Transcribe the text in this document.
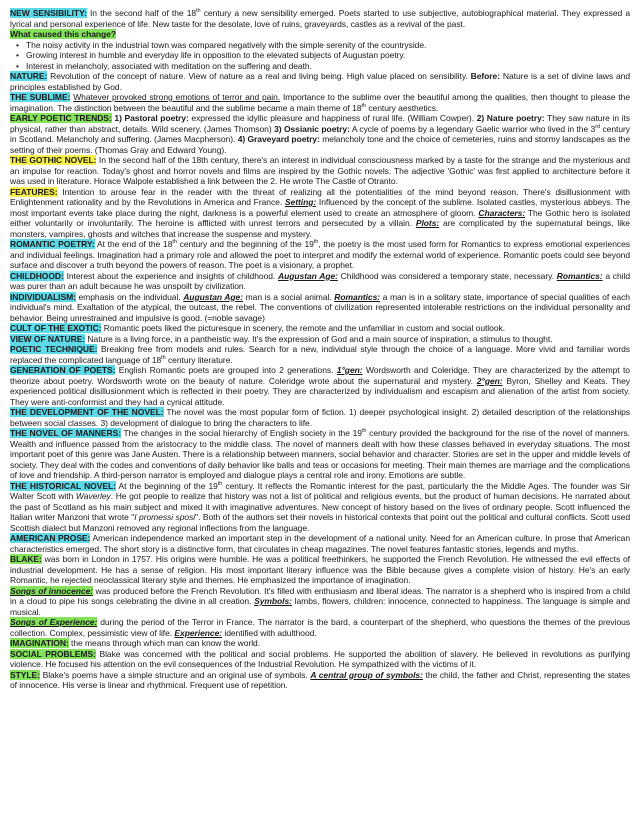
NEW SENSIBILITY: In the second half of the 18th century a new sensibility emerged. Poets started to use subjective, autobiographical material. They expressed a lyrical and personal experience of life. New taste for the desolate, love of ruins, graveyards, castles as a revival of the past.

What caused this change?

• The noisy activity in the industrial town was compared negatively with the simple serenity of the countryside.
• Growing interest in humble and everyday life in opposition to the elevated subjects of Augustan poetry.
• Interest in melancholy, associated with meditation on the suffering and death.

NATURE: Revolution of the concept of nature. View of nature as a real and living being. High value placed on sensibility. Before: Nature is a set of divine laws and principles established by God.

THE SUBLIME: Whatever provoked strong emotions of terror and pain. Importance to the sublime over the beautiful among the qualities, then thought to please the imagination. The distinction between the beautiful and the sublime became a main theme of 18th century aesthetics.

EARLY POETIC TRENDS: 1) Pastoral poetry: expressed the idyllic pleasure and happiness of rural life. (William Cowper). 2) Nature poetry: They saw nature in its physical, rather than abstract, details. Wild scenery. (James Thomson) 3) Ossianic poetry: A cycle of poems by a legendary Gaelic warrior who lived in the 3rd century in Scotland. Melancholy and suffering. (James Macpherson). 4) Graveyard poetry: melancholy tone and the choice of cemeteries, ruins and stormy landscapes as the setting of their poems. (Thomas Gray and Edward Young).

THE GOTHIC NOVEL: In the second half of the 18th century, there's an interest in individual consciousness marked by a taste for the strange and the mysterious and an impulse for reaction. Today's ghost and horror novels and films are inspired by the Gothic novels. The adjective 'Gothic' was first applied to architecture before it was used in literature. Horace Walpole established a link between the 2. He wrote The Castle of Otranto.

FEATURES: Intention to arouse fear in the reader with the threat of realizing all the potentialities of the mind beyond reason. There's disillusionment with Enlightenment rationality and by the Revolutions in America and France. Setting: Influenced by the concept of the sublime. Isolated castles, mysterious abbeys. The most important events take place during the night, darkness is a powerful element used to create an atmosphere of gloom. Characters: The Gothic hero is isolated either voluntarily or involuntarily. The heroine is afflicted with unrest terrors and persecuted by a villain. Plots: are complicated by the supernatural beings, like monsters, vampires, ghosts and witches that increase the suspense and mystery.

ROMANTIC POETRY: At the end of the 18th century and the beginning of the 19th, the poetry is the most used form for Romantics to express emotional experiences and individual feelings. Imagination had a primary role and allowed the poet to interpret and modify the external world of experience. Romantic poets could see beyond surface and discover a truth beyond the powers of reason. The poet is a visionary, a prophet.

CHILDHOOD: Interest about the experience and insights of childhood. Augustan Age: Childhood was considered a temporary state, necessary. Romantics: a child was purer than an adult because he was unspoilt by civilization.

INDIVIDUALISM: emphasis on the individual. Augustan Age: man is a social animal. Romantics: a man is in a solitary state, importance of special qualities of each individual's mind. Exaltation of the atypical, the outcast, the rebel. The conventions of civilization represented intolerable restrictions on the individual personality and behavior. Being unrestrained and impulsive is good. (=noble savage)

CULT OF THE EXOTIC: Romantic poets liked the picturesque in scenery, the remote and the unfamiliar in custom and social outlook.

VIEW OF NATURE: Nature is a living force, in a pantheistic way. It's the expression of God and a main source of inspiration, a stimulus to thought.

POETIC TECHNIQUE: Breaking free from models and rules. Search for a new, individual style through the choice of a language. More vivid and familiar words replaced the complicated language of 18th century literature.

GENERATION OF POETS: English Romantic poets are grouped into 2 generations. 1°gen: Wordsworth and Coleridge. They are characterized by the attempt to theorize about poetry. Wordsworth wrote on the beauty of nature. Coleridge wrote about the supernatural and mystery. 2°gen: Byron, Shelley and Keats. They experienced political disillusionment which is reflected in their poetry. They are characterized by individualism and escapism and alienation of the artist from society. They were anti-conformist and they had a cynical attitude.

THE DEVELOPMENT OF THE NOVEL: The novel was the most popular form of fiction. 1) deeper psychological insight. 2) detailed description of the relationships between social classes. 3) development of dialogue to bring the characters to life.

THE NOVEL OF MANNERS: The changes in the social hierarchy of English society in the 19th century provided the background for the rise of the novel of manners. Wealth and influence passed from the aristocracy to the middle class. The novel of manners dealt with how these classes behaved in everyday situations. The most important poet of this genre was Jane Austen. There is a relationship between manners, social behavior and character. Stories are set in the upper and middle levels of society. They deal with the codes and conventions of daily behavior like balls and teas or occasions for meeting. Their main themes are marriage and the complications of love and friendship. A third-person narrator is employed and dialogue plays a central role and irony. Emotions are subtle.

THE HISTORICAL NOVEL: At the beginning of the 19th century. It reflects the Romantic interest for the past, particularly the the Middle Ages. The founder was Sir Walter Scott with Waverley. He got people to realize that history was not a list of political and religious events, but the product of human decisions. He narrated about the past of Scotland as his main subject and mixed it with imaginative adventures. New concept of history based on the lives of ordinary people. Scott influenced the Italian writer Manzoni that wrote "I promessi sposi". Both of the authors set their novels in historical contexts that point out the political and cultural conflicts. Scott used Scottish dialect but Manzoni removed any regional inflections from the language.

AMERICAN PROSE: American independence marked an important step in the development of a national unity. Need for an American culture. In prose that American characteristics emerged. The short story is a distinctive form, that circulates in cheap magazines. The novel features fantastic stories, legends and myths.

BLAKE: was born in London in 1757. His origins were humble. He was a political freethinkers, he supported the French Revolution. He witnessed the evil effects of industrial development. He has a sense of religion. His most important literary influence was the Bible because gives a complete vision of history. He's an early Romantic, he rejected neoclassical literary style and themes. He emphasized the importance of imagination.

Songs of innocence: was produced before the French Revolution. It's filled with enthusiasm and liberal ideas. The narrator is a shepherd who is inspired from a child in a cloud to pipe his songs celebrating the divine in all creation. Symbols: lambs, flowers, children: innocence, connected to happiness. The language is simple and musical.

Songs of Experience: during the period of the Terror in France. The narrator is the bard, a counterpart of the shepherd, who questions the themes of the previous collection. Complex, pessimistic view of life. Experience: identified with adulthood.

IMAGINATION: the means through which man can know the world.

SOCIAL PROBLEMS: Blake was concerned with the political and social problems. He supported the abolition of slavery. He believed in revolutions as purifying violence. He focused his attention on the evil consequences of the Industrial Revolution. He sympathized with the victims of it.

STYLE: Blake's poems have a simple structure and an original use of symbols. A central group of symbols: the child, the father and Christ, representing the states of innocence. His verse is linear and rhythmical. Frequent use of repetition.
